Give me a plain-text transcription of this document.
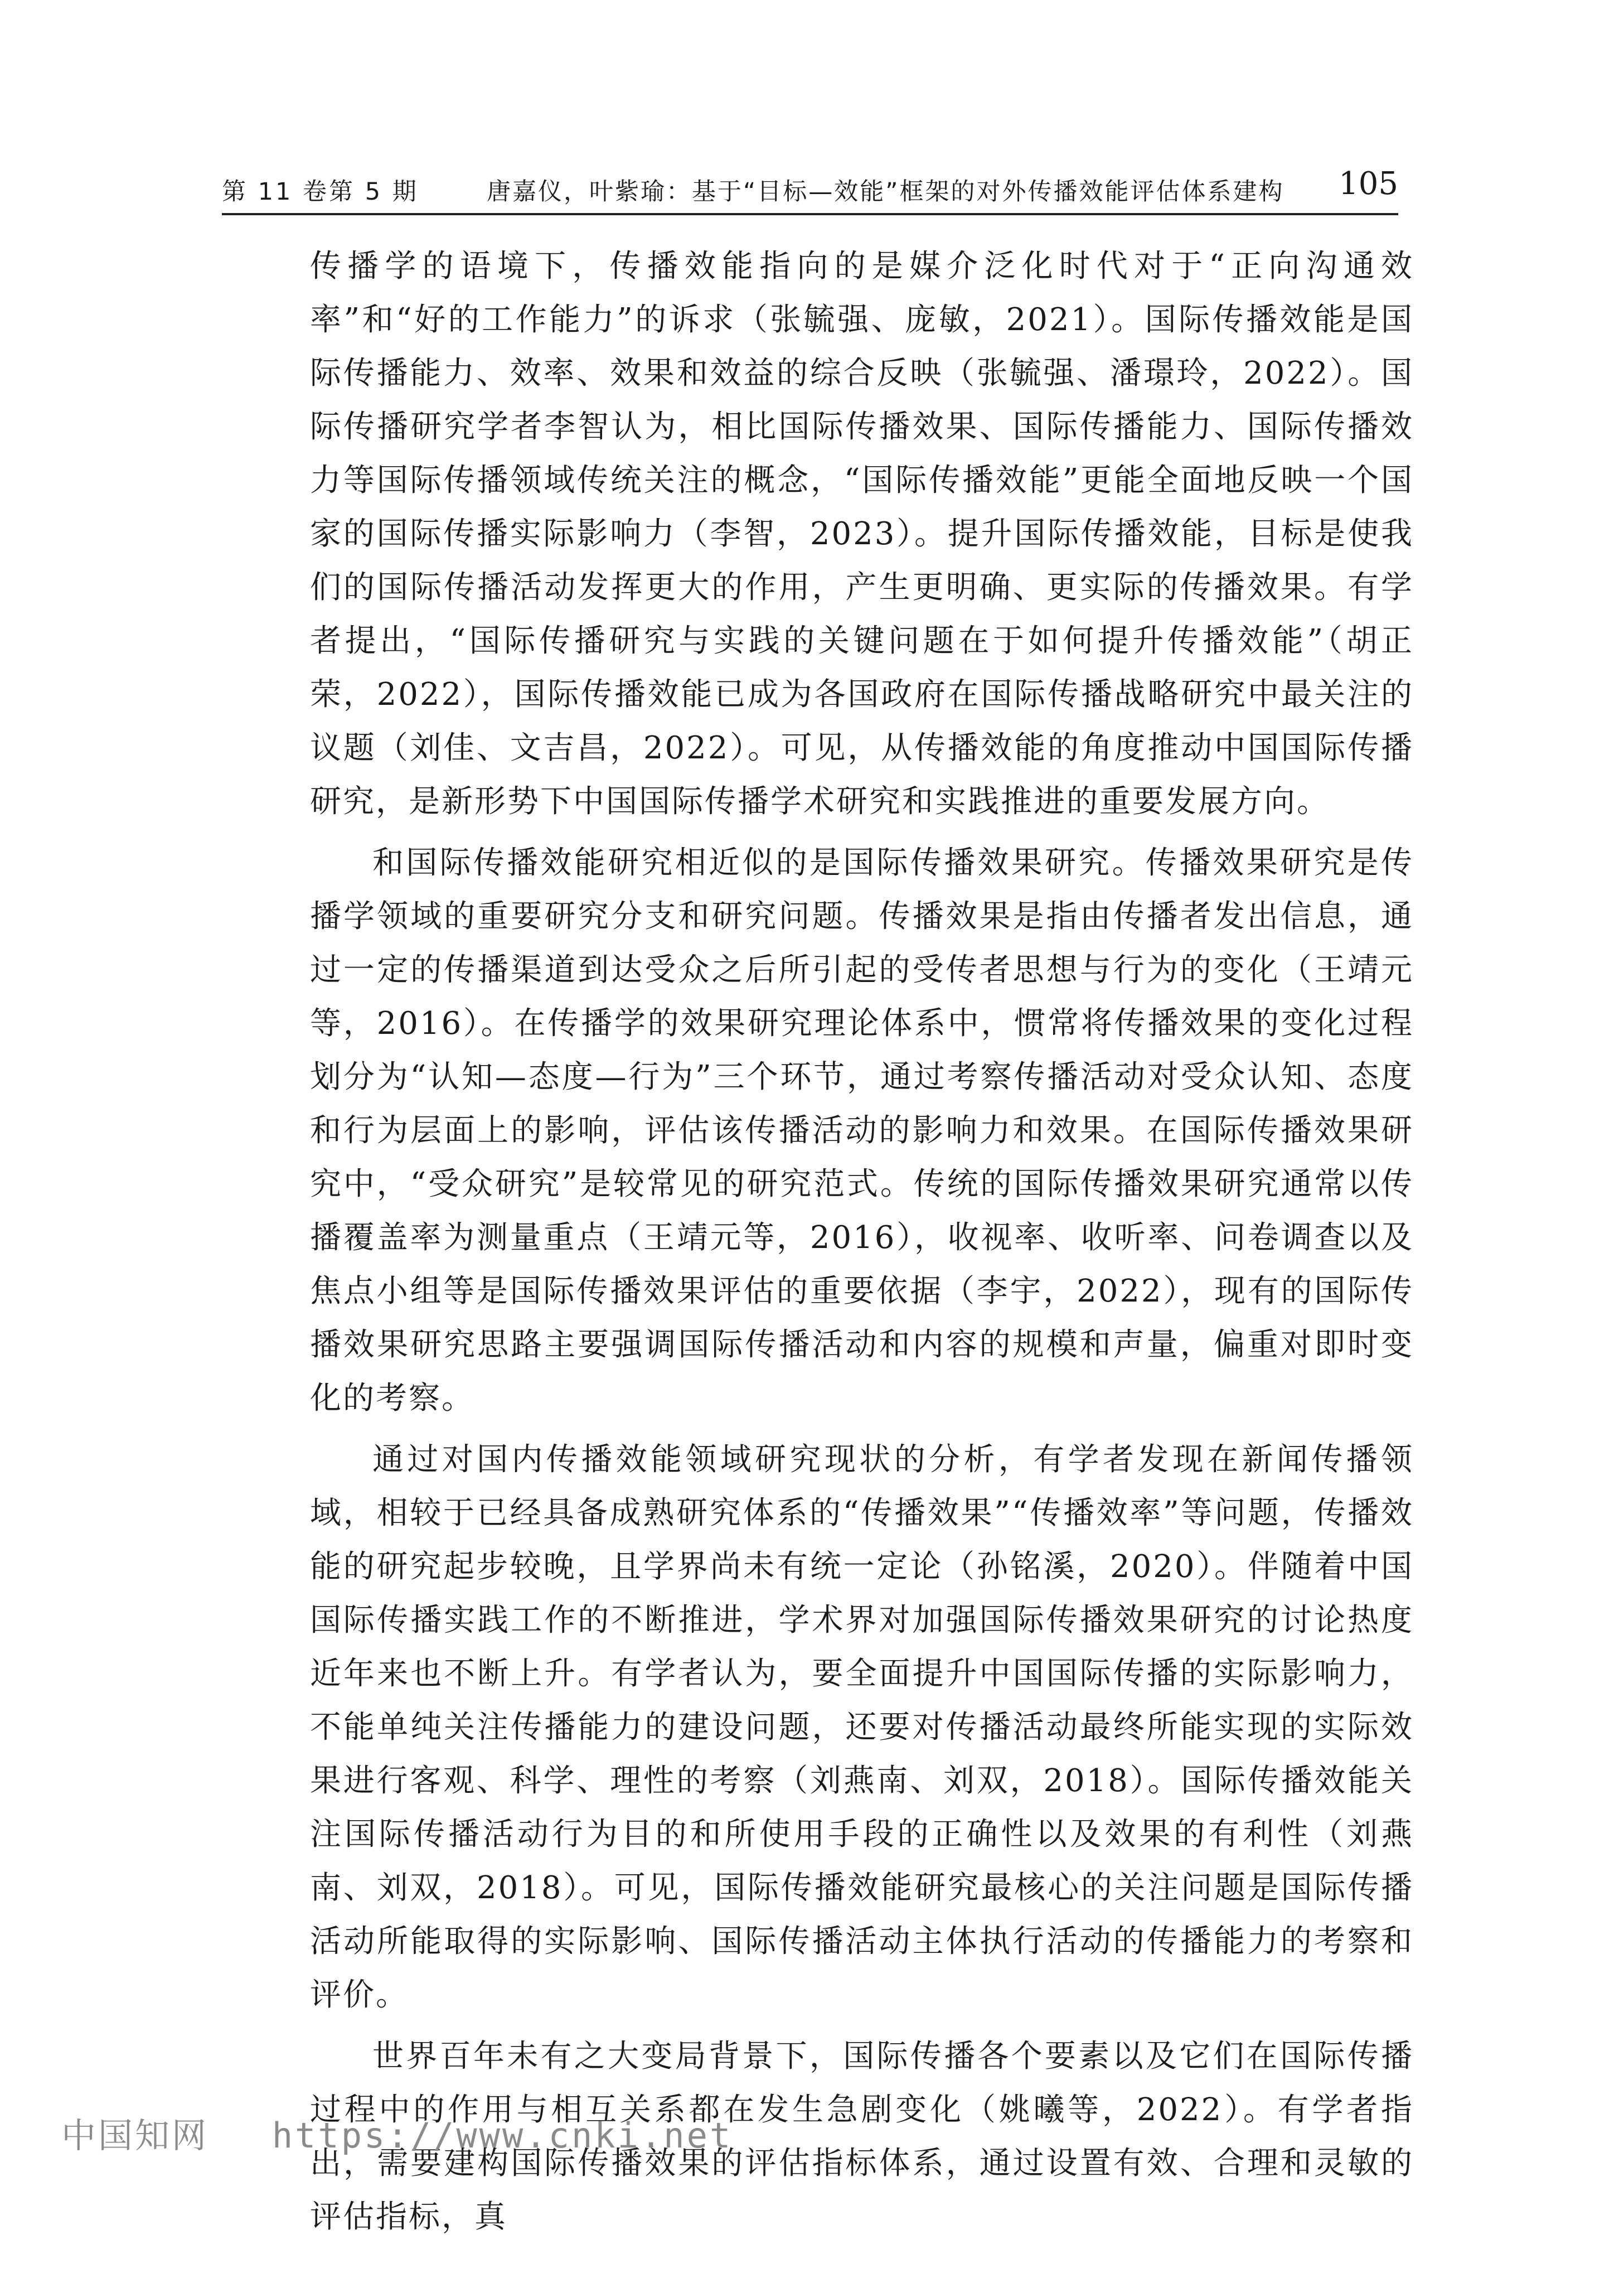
第 11 卷第 5 期	唐嘉仪，叶紫瑜：基于“目标—效能”框架的对外传播效能评估体系建构 105

传播学的语境下，传播效能指向的是媒介泛化时代对于“正向沟通效率”和“好的工作能力”的诉求（张毓强、庞敏，2021）。国际传播效能是国际传播能力、效率、效果和效益的综合反映（张毓强、潘璟玲，2022）。国际传播研究学者李智认为，相比国际传播效果、国际传播能力、国际传播效力等国际传播领域传统关注的概念，“国际传播效能”更能全面地反映一个国家的国际传播实际影响力（李智，2023）。提升国际传播效能，目标是使我们的国际传播活动发挥更大的作用，产生更明确、更实际的传播效果。有学者提出，“国际传播研究与实践的关键问题在于如何提升传播效能”（胡正荣，2022），国际传播效能已成为各国政府在国际传播战略研究中最关注的议题（刘佳、文吉昌，2022）。可见，从传播效能的角度推动中国国际传播研究，是新形势下中国国际传播学术研究和实践推进的重要发展方向。

和国际传播效能研究相近似的是国际传播效果研究。传播效果研究是传播学领域的重要研究分支和研究问题。传播效果是指由传播者发出信息，通过一定的传播渠道到达受众之后所引起的受传者思想与行为的变化（王靖元等，2016）。在传播学的效果研究理论体系中，惯常将传播效果的变化过程划分为“认知—态度—行为”三个环节，通过考察传播活动对受众认知、态度和行为层面上的影响，评估该传播活动的影响力和效果。在国际传播效果研究中，“受众研究”是较常见的研究范式。传统的国际传播效果研究通常以传播覆盖率为测量重点（王靖元等，2016），收视率、收听率、问卷调查以及焦点小组等是国际传播效果评估的重要依据（李宇，2022），现有的国际传播效果研究思路主要强调国际传播活动和内容的规模和声量，偏重对即时变化的考察。

通过对国内传播效能领域研究现状的分析，有学者发现在新闻传播领域，相较于已经具备成熟研究体系的“传播效果”“传播效率”等问题，传播效能的研究起步较晚，且学界尚未有统一定论（孙铭溪，2020）。伴随着中国国际传播实践工作的不断推进，学术界对加强国际传播效果研究的讨论热度近年来也不断上升。有学者认为，要全面提升中国国际传播的实际影响力，不能单纯关注传播能力的建设问题，还要对传播活动最终所能实现的实际效果进行客观、科学、理性的考察（刘燕南、刘双，2018）。国际传播效能关注国际传播活动行为目的和所使用手段的正确性以及效果的有利性（刘燕南、刘双，2018）。可见，国际传播效能研究最核心的关注问题是国际传播活动所能取得的实际影响、国际传播活动主体执行活动的传播能力的考察和评价。

世界百年未有之大变局背景下，国际传播各个要素以及它们在国际传播过程中的作用与相互关系都在发生急剧变化（姚曦等，2022）。有学者指出，需要建构国际传播效果的评估指标体系，通过设置有效、合理和灵敏的评估指标，真

中国知网 https://www.cnki.net
